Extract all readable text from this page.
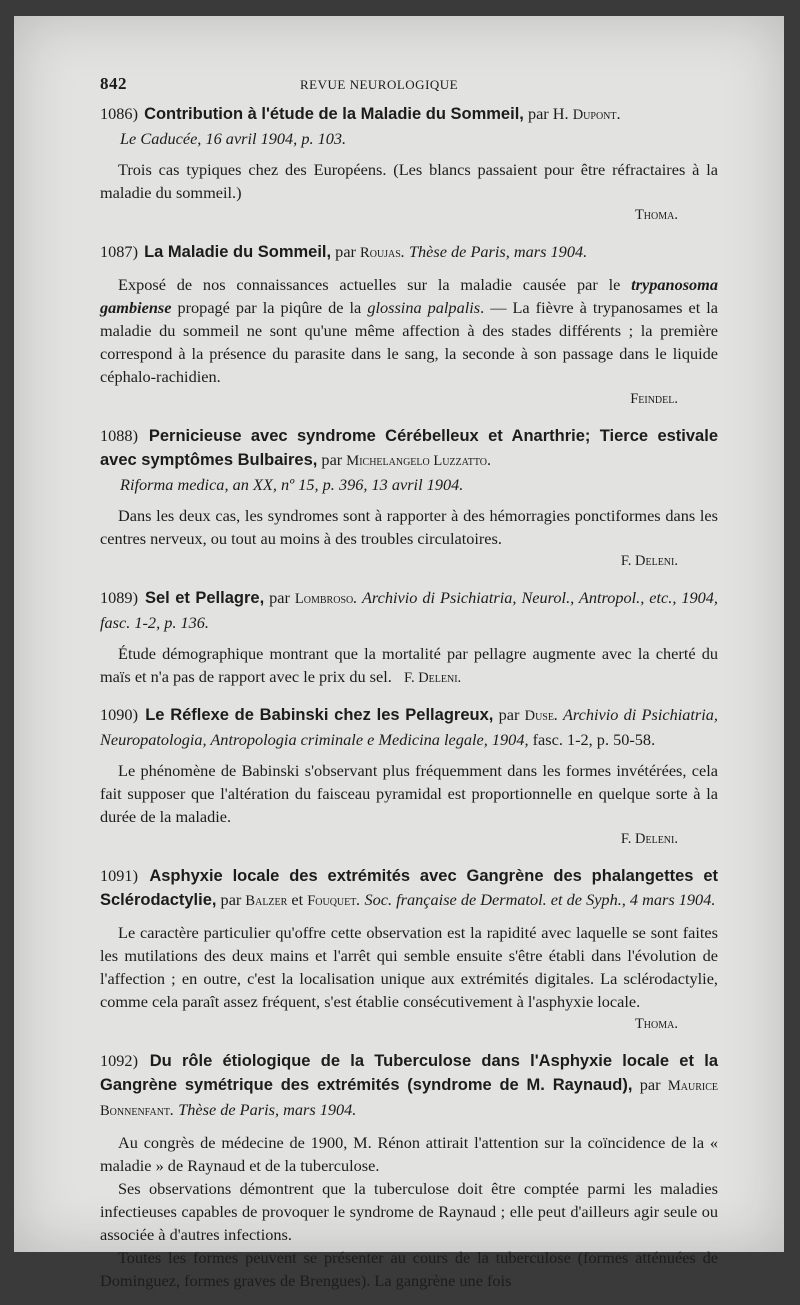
842	REVUE NEUROLOGIQUE
1086) Contribution à l'étude de la Maladie du Sommeil, par H. Dupont.
Le Caducée, 16 avril 1904, p. 103.

Trois cas typiques chez des Européens. (Les blancs passaient pour être réfractaires à la maladie du sommeil.)

Thoma.
1087) La Maladie du Sommeil, par Roujas. Thèse de Paris, mars 1904.

Exposé de nos connaissances actuelles sur la maladie causée par le trypanosoma gambiense propagé par la piqûre de la glossina palpalis. — La fièvre à trypanosames et la maladie du sommeil ne sont qu'une même affection à des stades différents ; la première correspond à la présence du parasite dans le sang, la seconde à son passage dans le liquide céphalo-rachidien.

Feindel.
1088) Pernicieuse avec syndrome Cérébelleux et Anarthrie; Tierce estivale avec symptômes Bulbaires, par Michelangelo Luzzatto.
Riforma medica, an XX, nº 15, p. 396, 13 avril 1904.

Dans les deux cas, les syndromes sont à rapporter à des hémorragies ponctiformes dans les centres nerveux, ou tout au moins à des troubles circulatoires.

F. Deleni.
1089) Sel et Pellagre, par Lombroso. Archivio di Psichiatria, Neurol., Antropol., etc., 1904, fasc. 1-2, p. 136.

Étude démographique montrant que la mortalité par pellagre augmente avec la cherté du maïs et n'a pas de rapport avec le prix du sel. F. Deleni.

1090) Le Réflexe de Babinski chez les Pellagreux, par Duse. Archivio di Psichiatria, Neuropatologia, Antropologia criminale e Medicina legale, 1904, fasc. 1-2, p. 50-58.

Le phénomène de Babinski s'observant plus fréquemment dans les formes invétérées, cela fait supposer que l'altération du faisceau pyramidal est proportionnelle en quelque sorte à la durée de la maladie.

F. Deleni.
1091) Asphyxie locale des extrémités avec Gangrène des phalangettes et Sclérodactylie, par Balzer et Fouquet. Soc. française de Dermatol. et de Syph., 4 mars 1904.

Le caractère particulier qu'offre cette observation est la rapidité avec laquelle se sont faites les mutilations des deux mains et l'arrêt qui semble ensuite s'être établi dans l'évolution de l'affection ; en outre, c'est la localisation unique aux extrémités digitales. La sclérodactylie, comme cela paraît assez fréquent, s'est établie consécutivement à l'asphyxie locale.

Thoma.
1092) Du rôle étiologique de la Tuberculose dans l'Asphyxie locale et la Gangrène symétrique des extrémités (syndrome de M. Raynaud), par Maurice Bonnenfant. Thèse de Paris, mars 1904.

Au congrès de médecine de 1900, M. Rénon attirait l'attention sur la coïncidence de la « maladie » de Raynaud et de la tuberculose.

Ses observations démontrent que la tuberculose doit être comptée parmi les maladies infectieuses capables de provoquer le syndrome de Raynaud ; elle peut d'ailleurs agir seule ou associée à d'autres infections.

Toutes les formes peuvent se présenter au cours de la tuberculose (formes atténuées de Dominguez, formes graves de Brengues). La gangrène une fois
